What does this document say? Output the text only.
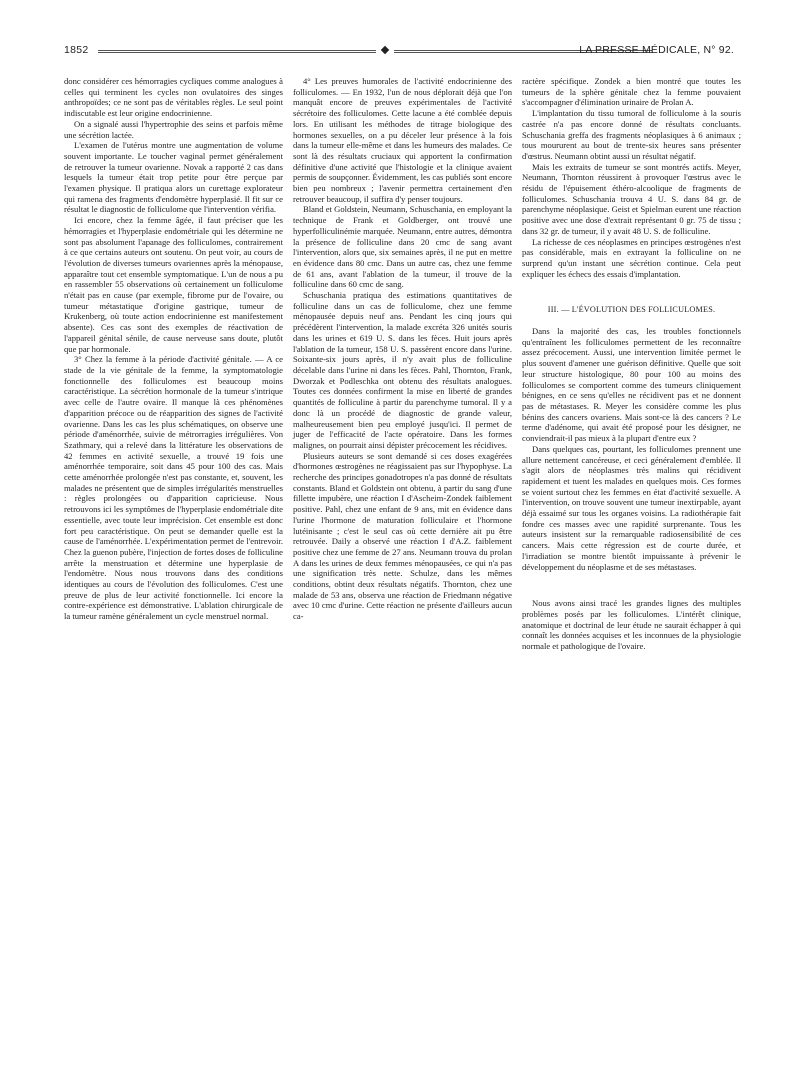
1852	LA PRESSE MÉDICALE, N° 92.

donc considérer ces hémorragies cycliques comme analogues à celles qui terminent les cycles non ovulatoires des singes anthropoïdes; ce ne sont pas de véritables règles. Le seul point indiscutable est leur origine endocrinienne.

On a signalé aussi l'hypertrophie des seins et parfois même une sécrétion lactée.

L'examen de l'utérus montre une augmentation de volume souvent importante. Le toucher vaginal permet généralement de retrouver la tumeur ovarienne. Novak a rapporté 2 cas dans lesquels la tumeur était trop petite pour être perçue par l'examen physique. Il pratiqua alors un curettage explorateur qui ramena des fragments d'endomètre hyperplasié. Il fit sur ce résultat le diagnostic de folliculome que l'intervention vérifia.

Ici encore, chez la femme âgée, il faut préciser que les hémorragies et l'hyperplasie endométriale qui les détermine ne sont pas absolument l'apanage des folliculomes, contrairement à ce que certains auteurs ont soutenu. On peut voir, au cours de l'évolution de diverses tumeurs ovariennes après la ménopause, apparaître tout cet ensemble symptomatique. L'un de nous a pu en rassembler 55 observations où certainement un folliculome n'était pas en cause (par exemple, fibrome pur de l'ovaire, ou tumeur métastatique d'origine gastrique, tumeur de Krukenberg, où toute action endocrinienne est manifestement absente). Ces cas sont des exemples de réactivation de l'appareil génital sénile, de cause nerveuse sans doute, plutôt que par hormonale.

3° Chez la femme à la période d'activité génitale. — A ce stade de la vie génitale de la femme, la symptomatologie fonctionnelle des folliculomes est beaucoup moins caractéristique. La sécrétion hormonale de la tumeur s'intrique avec celle de l'autre ovaire. Il manque là ces phénomènes d'apparition précoce ou de réapparition des signes de l'activité ovarienne. Dans les cas les plus schématiques, on observe une période d'aménorrhée, suivie de métrorragies irrégulières. Von Szathmary, qui a relevé dans la littérature les observations de 42 femmes en activité sexuelle, a trouvé 19 fois une aménorrhée temporaire, soit dans 45 pour 100 des cas. Mais cette aménorrhée prolongée n'est pas constante, et, souvent, les malades ne présentent que de simples irrégularités menstruelles : règles prolongées ou d'apparition capricieuse. Nous retrouvons ici les symptômes de l'hyperplasie endométriale dite essentielle, avec toute leur imprécision. Cet ensemble est donc fort peu caractéristique. On peut se demander quelle est la cause de l'aménorrhée. L'expérimentation permet de l'entrevoir. Chez la guenon pubère, l'injection de fortes doses de folliculine arrête la menstruation et détermine une hyperplasie de l'endomètre. Nous nous trouvons dans des conditions identiques au cours de l'évolution des folliculomes. C'est une preuve de plus de leur activité fonctionnelle. Ici encore la contre-expérience est démonstrative. L'ablation chirurgicale de la tumeur ramène généralement un cycle menstruel normal.

4° Les preuves humorales de l'activité endocrinienne des folliculomes. — En 1932, l'un de nous déplorait déjà que l'on manquât encore de preuves expérimentales de l'activité sécrétoire des folliculomes. Cette lacune a été comblée depuis lors. En utilisant les méthodes de titrage biologique des hormones sexuelles, on a pu déceler leur présence à la fois dans la tumeur elle-même et dans les humeurs des malades. Ce sont là des résultats cruciaux qui apportent la confirmation définitive d'une activité que l'histologie et la clinique avaient permis de soupçonner. Évidemment, les cas publiés sont encore bien peu nombreux ; l'avenir permettra certainement d'en retrouver beaucoup, il suffira d'y penser toujours.

Bland et Goldstein, Neumann, Schuschania, en employant la technique de Frank et Goldberger, ont trouvé une hyperfolliculinémie marquée. Neumann, entre autres, démontra la présence de folliculine dans 20 cmc de sang avant l'intervention, alors que, six semaines après, il ne put en mettre en évidence dans 80 cmc. Dans un autre cas, chez une femme de 61 ans, avant l'ablation de la tumeur, il trouve de la folliculine dans 60 cmc de sang.

Schuschania pratiqua des estimations quantitatives de folliculine dans un cas de folliculome, chez une femme ménopausée depuis neuf ans. Pendant les cinq jours qui précédèrent l'intervention, la malade excréta 326 unités souris dans les urines et 619 U. S. dans les fèces. Huit jours après l'ablation de la tumeur, 158 U. S. passèrent encore dans l'urine. Soixante-six jours après, il n'y avait plus de folliculine décelable dans l'urine ni dans les fèces. Pahl, Thornton, Frank, Dworzak et Podleschka ont obtenu des résultats analogues. Toutes ces données confirment la mise en liberté de grandes quantités de folliculine à partir du parenchyme tumoral. Il y a donc là un procédé de diagnostic de grande valeur, malheureusement bien peu employé jusqu'ici. Il permet de juger de l'efficacité de l'acte opératoire. Dans les formes malignes, on pourrait ainsi dépister précocement les récidives.

Plusieurs auteurs se sont demandé si ces doses exagérées d'hormones œstrogènes ne réagissaient pas sur l'hypophyse. La recherche des principes gonadotropes n'a pas donné de résultats constants. Bland et Goldstein ont obtenu, à partir du sang d'une fillette impubère, une réaction I d'Ascheim-Zondek faiblement positive. Pahl, chez une enfant de 9 ans, mit en évidence dans l'urine l'hormone de maturation folliculaire et l'hormone lutéinisante ; c'est le seul cas où cette dernière ait pu être retrouvée. Daily a observé une réaction I d'A.Z. faiblement positive chez une femme de 27 ans. Neumann trouva du prolan A dans les urines de deux femmes ménopausées, ce qui n'a pas une signification très nette. Schulze, dans les mêmes conditions, obtint deux résultats négatifs. Thornton, chez une malade de 53 ans, observa une réaction de Friedmann négative avec 10 cmc d'urine. Cette réaction ne présente d'ailleurs aucun ca-

ractère spécifique. Zondek a bien montré que toutes les tumeurs de la sphère génitale chez la femme pouvaient s'accompagner d'élimination urinaire de Prolan A.

L'implantation du tissu tumoral de folliculome à la souris castrée n'a pas encore donné de résultats concluants. Schuschania greffa des fragments néoplasiques à 6 animaux ; tous moururent au bout de trente-six heures sans présenter d'œstrus. Neumann obtint aussi un résultat négatif.

Mais les extraits de tumeur se sont montrés actifs. Meyer, Neumann, Thornton réussirent à provoquer l'œstrus avec le résidu de l'épuisement éthéro-alcoolique de fragments de folliculomes. Schuschania trouva 4 U. S. dans 84 gr. de parenchyme néoplasique. Geist et Spielman eurent une réaction positive avec une dose d'extrait représentant 0 gr. 75 de tissu ; dans 32 gr. de tumeur, il y avait 48 U. S. de folliculine.

La richesse de ces néoplasmes en principes œstrogènes n'est pas considérable, mais en extrayant la folliculine on ne surprend qu'un instant une sécrétion continue. Cela peut expliquer les échecs des essais d'implantation.

III. — L'ÉVOLUTION DES FOLLICULOMES.

Dans la majorité des cas, les troubles fonctionnels qu'entraînent les folliculomes permettent de les reconnaître assez précocement. Aussi, une intervention limitée permet le plus souvent d'amener une guérison définitive. Quelle que soit leur structure histologique, 80 pour 100 au moins des folliculomes se comportent comme des tumeurs cliniquement bénignes, en ce sens qu'elles ne récidivent pas et ne donnent pas de métastases. R. Meyer les considère comme les plus bénins des cancers ovariens. Mais sont-ce là des cancers ? Le terme d'adénome, qui avait été proposé pour les désigner, ne conviendrait-il pas mieux à la plupart d'entre eux ?

Dans quelques cas, pourtant, les folliculomes prennent une allure nettement cancéreuse, et ceci généralement d'emblée. Il s'agit alors de néoplasmes très malins qui récidivent rapidement et tuent les malades en quelques mois. Ces formes se voient surtout chez les femmes en état d'activité sexuelle. A l'intervention, on trouve souvent une tumeur inextirpable, ayant déjà essaimé sur tous les organes voisins. La radiothérapie fait fondre ces masses avec une rapidité surprenante. Tous les auteurs insistent sur la remarquable radiosensibilité de ces cancers. Mais cette régression est de courte durée, et l'irradiation se montre bientôt impuissante à prévenir le développement du néoplasme et de ses métastases.

Nous avons ainsi tracé les grandes lignes des multiples problèmes posés par les folliculomes. L'intérêt clinique, anatomique et doctrinal de leur étude ne saurait échapper à qui connaît les données acquises et les inconnues de la physiologie normale et pathologique de l'ovaire.
